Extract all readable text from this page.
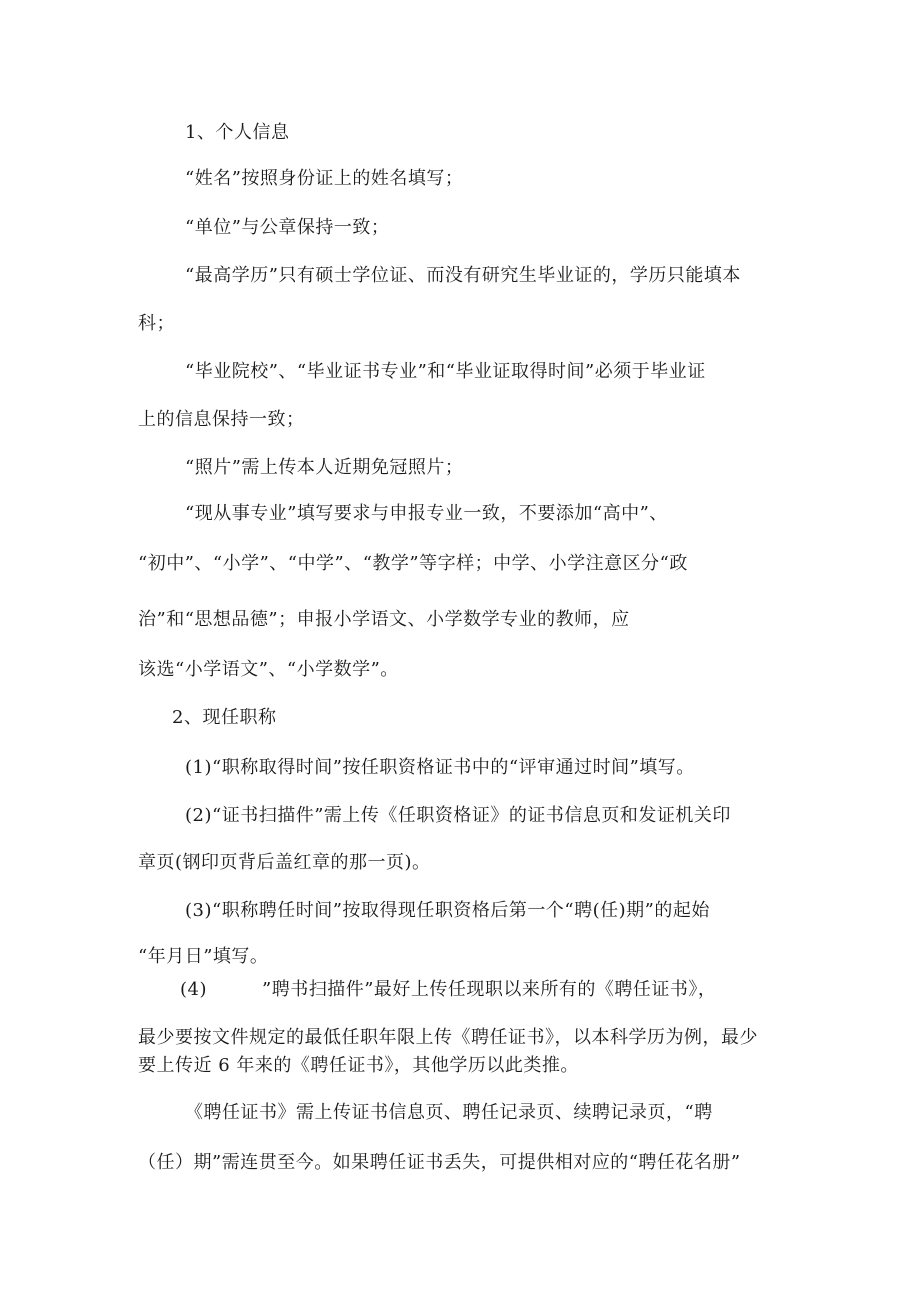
1、个人信息
“姓名”按照身份证上的姓名填写；
“单位”与公章保持一致；
“最高学历”只有硕士学位证、而没有研究生毕业证的，学历只能填本
科；
“毕业院校”、“毕业证书专业”和“毕业证取得时间”必须于毕业证
上的信息保持一致；
“照片”需上传本人近期免冠照片；
“现从事专业”填写要求与申报专业一致，不要添加“高中”、
“初中”、“小学”、“中学”、“教学”等字样；中学、小学注意区分“政
治”和“思想品德”；申报小学语文、小学数学专业的教师，应
该选“小学语文”、“小学数学”。
2、现任职称
(1)“职称取得时间”按任职资格证书中的“评审通过时间”填写。
(2)“证书扫描件”需上传《任职资格证》的证书信息页和发证机关印
章页(钢印页背后盖红章的那一页)。
(3)“职称聘任时间”按取得现任职资格后第一个“聘(任)期”的起始
“年月日”填写。
(4)	”聘书扫描件”最好上传任现职以来所有的《聘任证书》，
最少要按文件规定的最低任职年限上传《聘任证书》，以本科学历为例，最少
要上传近 6 年来的《聘任证书》，其他学历以此类推。
《聘任证书》需上传证书信息页、聘任记录页、续聘记录页，“聘
（任）期”需连贯至今。如果聘任证书丢失，可提供相对应的“聘任花名册”
